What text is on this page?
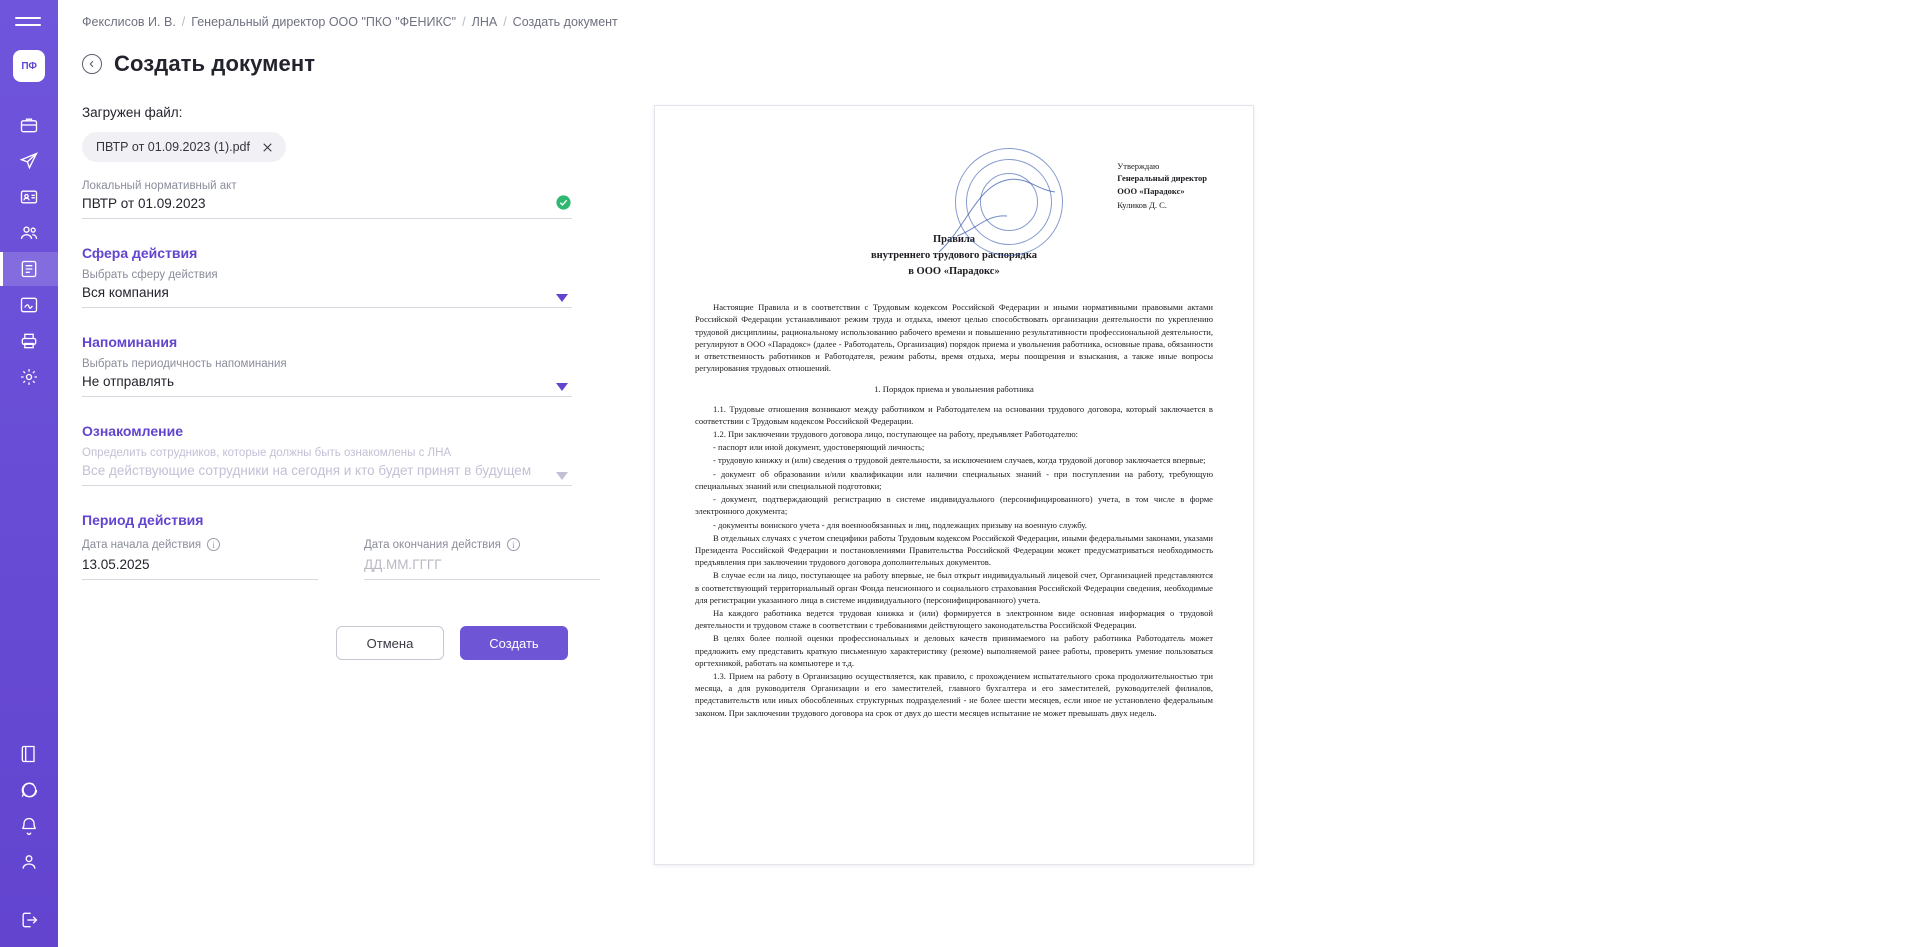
ПФ
Фекслисов И. В. / Генеральный директор ООО "ПКО "ФЕНИКС" / ЛНА / Создать документ
Создать документ
Загружен файл:
ПВТР от 01.09.2023 (1).pdf
Локальный нормативный акт
ПВТР от 01.09.2023
Сфера действия
Выбрать сферу действия
Вся компания
Напоминания
Выбрать периодичность напоминания
Не отправлять
Ознакомление
Определить сотрудников, которые должны быть ознакомлены с ЛНА
Все действующие сотрудники на сегодня и кто будет принят в будущем
Период действия
Дата начала действия	i
13.05.2025
Дата окончания действия	i
ДД.ММ.ГГГГ
Отмена	Создать
Утверждаю
Генеральный директор
ООО «Парадокс»
Куликов Д. С.
Правила
внутреннего трудового распорядка
в ООО «Парадокс»

Настоящие Правила и в соответствии с Трудовым кодексом Российской Федерации и иными нормативными правовыми актами Российской Федерации устанавливают режим труда и отдыха, имеют целью способствовать организации деятельности по укреплению трудовой дисциплины, рациональному использованию рабочего времени и повышению результативности профессиональной деятельности, регулируют в ООО «Парадокс» (далее - Работодатель, Организация) порядок приема и увольнения работника, основные права, обязанности и ответственность работников и Работодателя, режим работы, время отдыха, меры поощрения и взыскания, а также иные вопросы регулирования трудовых отношений.

1. Порядок приема и увольнения работника

1.1. Трудовые отношения возникают между работником и Работодателем на основании трудового договора, который заключается в соответствии с Трудовым кодексом Российской Федерации.

1.2. При заключении трудового договора лицо, поступающее на работу, предъявляет Работодателю:

- паспорт или иной документ, удостоверяющий личность;

- трудовую книжку и (или) сведения о трудовой деятельности, за исключением случаев, когда трудовой договор заключается впервые;

- документ об образовании и/или квалификации или наличии специальных знаний - при поступлении на работу, требующую специальных знаний или специальной подготовки;

- документ, подтверждающий регистрацию в системе индивидуального (персонифицированного) учета, в том числе в форме электронного документа;

- документы воинского учета - для военнообязанных и лиц, подлежащих призыву на военную службу.

В отдельных случаях с учетом специфики работы Трудовым кодексом Российской Федерации, иными федеральными законами, указами Президента Российской Федерации и постановлениями Правительства Российской Федерации может предусматриваться необходимость предъявления при заключении трудового договора дополнительных документов.

В случае если на лицо, поступающее на работу впервые, не был открыт индивидуальный лицевой счет, Организацией представляются в соответствующий территориальный орган Фонда пенсионного и социального страхования Российской Федерации сведения, необходимые для регистрации указанного лица в системе индивидуального (персонифицированного) учета.

На каждого работника ведется трудовая книжка и (или) формируется в электронном виде основная информация о трудовой деятельности и трудовом стаже в соответствии с требованиями действующего законодательства Российской Федерации.

В целях более полной оценки профессиональных и деловых качеств принимаемого на работу работника Работодатель может предложить ему представить краткую письменную характеристику (резюме) выполняемой ранее работы, проверить умение пользоваться оргтехникой, работать на компьютере и т.д.

1.3. Прием на работу в Организацию осуществляется, как правило, с прохождением испытательного срока продолжительностью три месяца, а для руководителя Организации и его заместителей, главного бухгалтера и его заместителей, руководителей филиалов, представительств или иных обособленных структурных подразделений - не более шести месяцев, если иное не установлено федеральным законом. При заключении трудового договора на срок от двух до шести месяцев испытание не может превышать двух недель.
